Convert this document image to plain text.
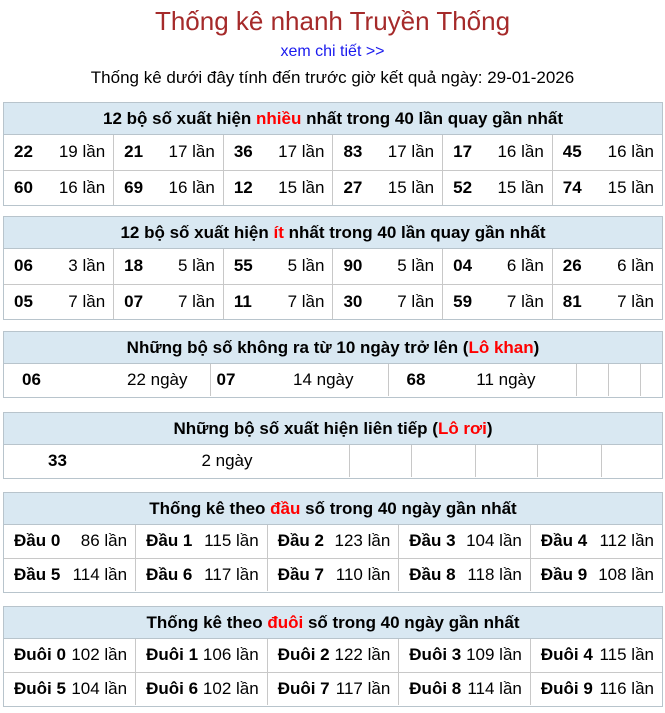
Thống kê nhanh Truyền Thống
xem chi tiết >>
Thống kê dưới đây tính đến trước giờ kết quả ngày: 29-01-2026
12 bộ số xuất hiện nhiều nhất trong 40 lần quay gần nhất
22 19 lần	21 17 lần	36 17 lần	83 17 lần	17 16 lần	45 16 lần

60 16 lần	69 16 lần	12 15 lần	27 15 lần	52 15 lần	74 15 lần
12 bộ số xuất hiện ít nhất trong 40 lần quay gần nhất
06 3 lần	18 5 lần	55 5 lần	90 5 lần	04 6 lần	26 6 lần

05 7 lần	07 7 lần	11 7 lần	30 7 lần	59 7 lần	81 7 lần
Những bộ số không ra từ 10 ngày trở lên (Lô khan)
06	22 ngày	07	14 ngày	68	11 ngày

Những bộ số xuất hiện liên tiếp (Lô rơi)
33	2 ngày

Thống kê theo đầu số trong 40 ngày gần nhất
Đầu 0 86 lần	Đầu 1 115 lần	Đầu 2 123 lần	Đầu 3 104 lần	Đầu 4 112 lần

Đầu 5 114 lần	Đầu 6 117 lần	Đầu 7 110 lần	Đầu 8 118 lần	Đầu 9 108 lần
Thống kê theo đuôi số trong 40 ngày gần nhất
Đuôi 0 102 lần	Đuôi 1 106 lần	Đuôi 2 122 lần	Đuôi 3 109 lần	Đuôi 4 115 lần

Đuôi 5 104 lần	Đuôi 6 102 lần	Đuôi 7 117 lần	Đuôi 8 114 lần	Đuôi 9 116 lần
